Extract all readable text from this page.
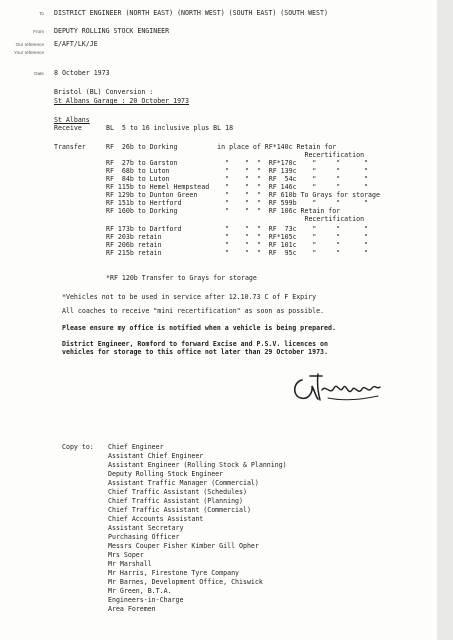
To DISTRICT ENGINEER (NORTH EAST) (NORTH WEST) (SOUTH EAST) (SOUTH WEST)
From DEPUTY ROLLING STOCK ENGINEER
Our reference E/AFT/LK/JE
Your reference
Date 8 October 1973
Bristol (BL) Conversion :
St Albans Garage : 20 October 1973
St Albans
Receive	BL  5 to 16 inclusive plus BL 18
Transfer	RF  26b to Dorking          in place of RF*140c Retain for
Recertification
RF  27b to Garston            "    "  "  RF*170c    "     "      "
RF  68b to Luton              "    "  "  RF 139c    "     "      "
RF  84b to Luton              "    "  "  RF  54c    "     "      "
RF 115b to Hemel Hempstead    "    "  "  RF 146c    "     "      "
RF 129b to Dunton Green       "    "  "  RF 610b To Grays for storage
RF 151b to Hertford           "    "  "  RF 599b    "     "      "
RF 160b to Dorking            "    "  "  RF 106c Retain for
Recertification
RF 173b to Dartford           "    "  "  RF  73c    "     "      "
RF 203b retain                "    "  "  RF*105c    "     "      "
RF 206b retain                "    "  "  RF 101c    "     "      "
RF 215b retain                "    "  "  RF  95c    "     "      "
*RF 120b Transfer to Grays for storage
*Vehicles not to be used in service after 12.10.73 C of F Expiry
All coaches to receive "mini recertification" as soon as possible.
Please ensure my office is notified when a vehicle is being prepared.
District Engineer, Romford to forward Excise and P.S.V. licences on
vehicles for storage to this office not later than 29 October 1973.
Copy to: Chief Engineer
Assistant Chief Engineer
Assistant Engineer (Rolling Stock & Planning)
Deputy Rolling Stock Engineer
Assistant Traffic Manager (Commercial)
Chief Traffic Assistant (Schedules)
Chief Traffic Assistant (Planning)
Chief Traffic Assistant (Commercial)
Chief Accounts Assistant
Assistant Secretary
Purchasing Officer
Messrs Couper Fisher Kimber Gill Opher
Mrs Soper
Mr Marshall
Mr Harris, Firestone Tyre Company
Mr Barnes, Development Office, Chiswick
Mr Green, B.T.A.
Engineers-in-Charge
Area Foremen
